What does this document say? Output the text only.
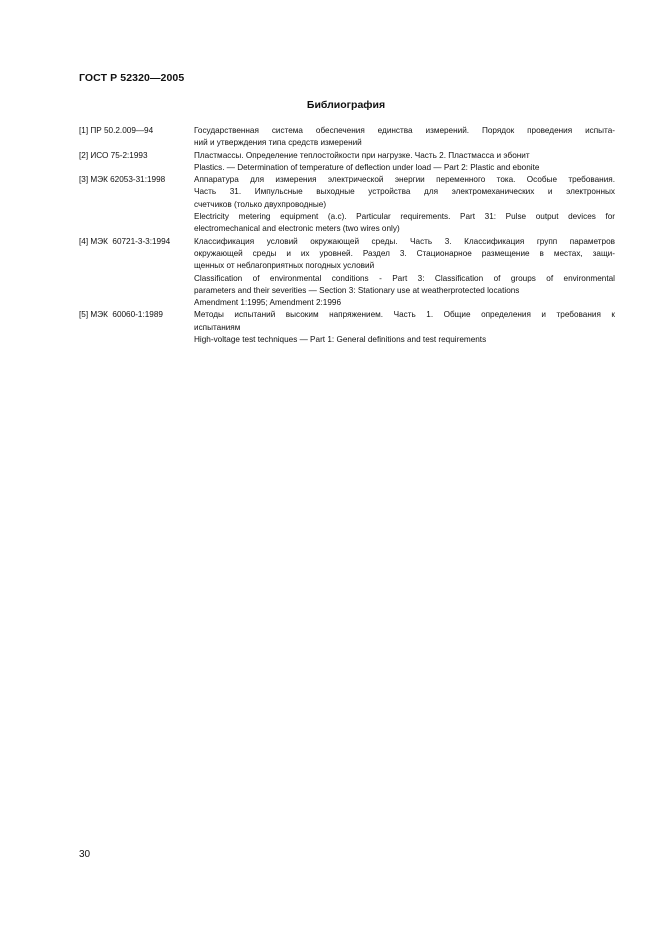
ГОСТ Р 52320—2005
Библиография
[1] ПР 50.2.009—94	Государственная система обеспечения единства измерений. Порядок проведения испыта-
ний и утверждения типа средств измерений
[2] ИСО 75-2:1993	Пластмассы. Определение теплостойкости при нагрузке. Часть 2. Пластмасса и эбонит
Plastics. — Determination of temperature of deflection under load — Part 2: Plastic and ebonite
[3] МЭК 62053-31:1998	Аппаратура для измерения электрической энергии переменного тока. Особые требования.
Часть 31. Импульсные выходные устройства для электромеханических и электронных
счетчиков (только двухпроводные)
Electricity metering equipment (a.c). Particular requirements. Part 31: Pulse output devices for
electromechanical and electronic meters (two wires only)
[4] МЭК  60721-3-3:1994	Классификация условий окружающей среды. Часть 3. Классификация групп параметров
окружающей среды и их уровней. Раздел 3. Стационарное размещение в местах, защи-
щенных от неблагоприятных погодных условий
Classification of environmental conditions - Part 3: Classification of groups of environmental
parameters and their severities — Section 3: Stationary use at weatherprotected locations
Amendment 1:1995; Amendment 2:1996
[5] МЭК  60060-1:1989	Методы испытаний высоким напряжением. Часть 1. Общие определения и требования к
испытаниям
High-voltage test techniques — Part 1: General definitions and test requirements
30
